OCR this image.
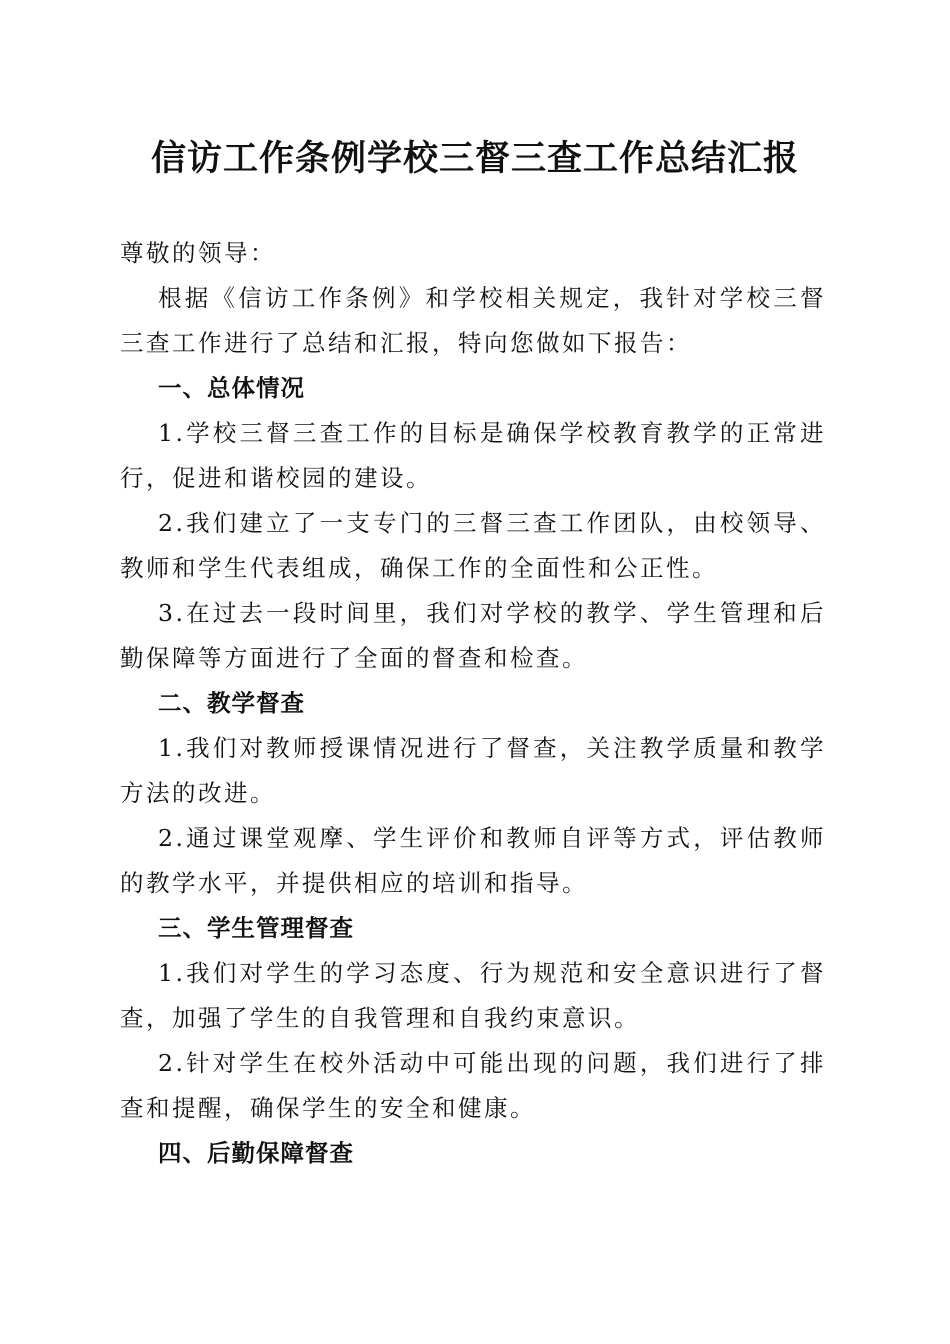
信访工作条例学校三督三查工作总结汇报

尊敬的领导：

根据《信访工作条例》和学校相关规定，我针对学校三督三查工作进行了总结和汇报，特向您做如下报告：

一、总体情况

1.学校三督三查工作的目标是确保学校教育教学的正常进行，促进和谐校园的建设。

2.我们建立了一支专门的三督三查工作团队，由校领导、教师和学生代表组成，确保工作的全面性和公正性。

3.在过去一段时间里，我们对学校的教学、学生管理和后勤保障等方面进行了全面的督查和检查。

二、教学督查

1.我们对教师授课情况进行了督查，关注教学质量和教学方法的改进。

2.通过课堂观摩、学生评价和教师自评等方式，评估教师的教学水平，并提供相应的培训和指导。

三、学生管理督查

1.我们对学生的学习态度、行为规范和安全意识进行了督查，加强了学生的自我管理和自我约束意识。

2.针对学生在校外活动中可能出现的问题，我们进行了排查和提醒，确保学生的安全和健康。

四、后勤保障督查
